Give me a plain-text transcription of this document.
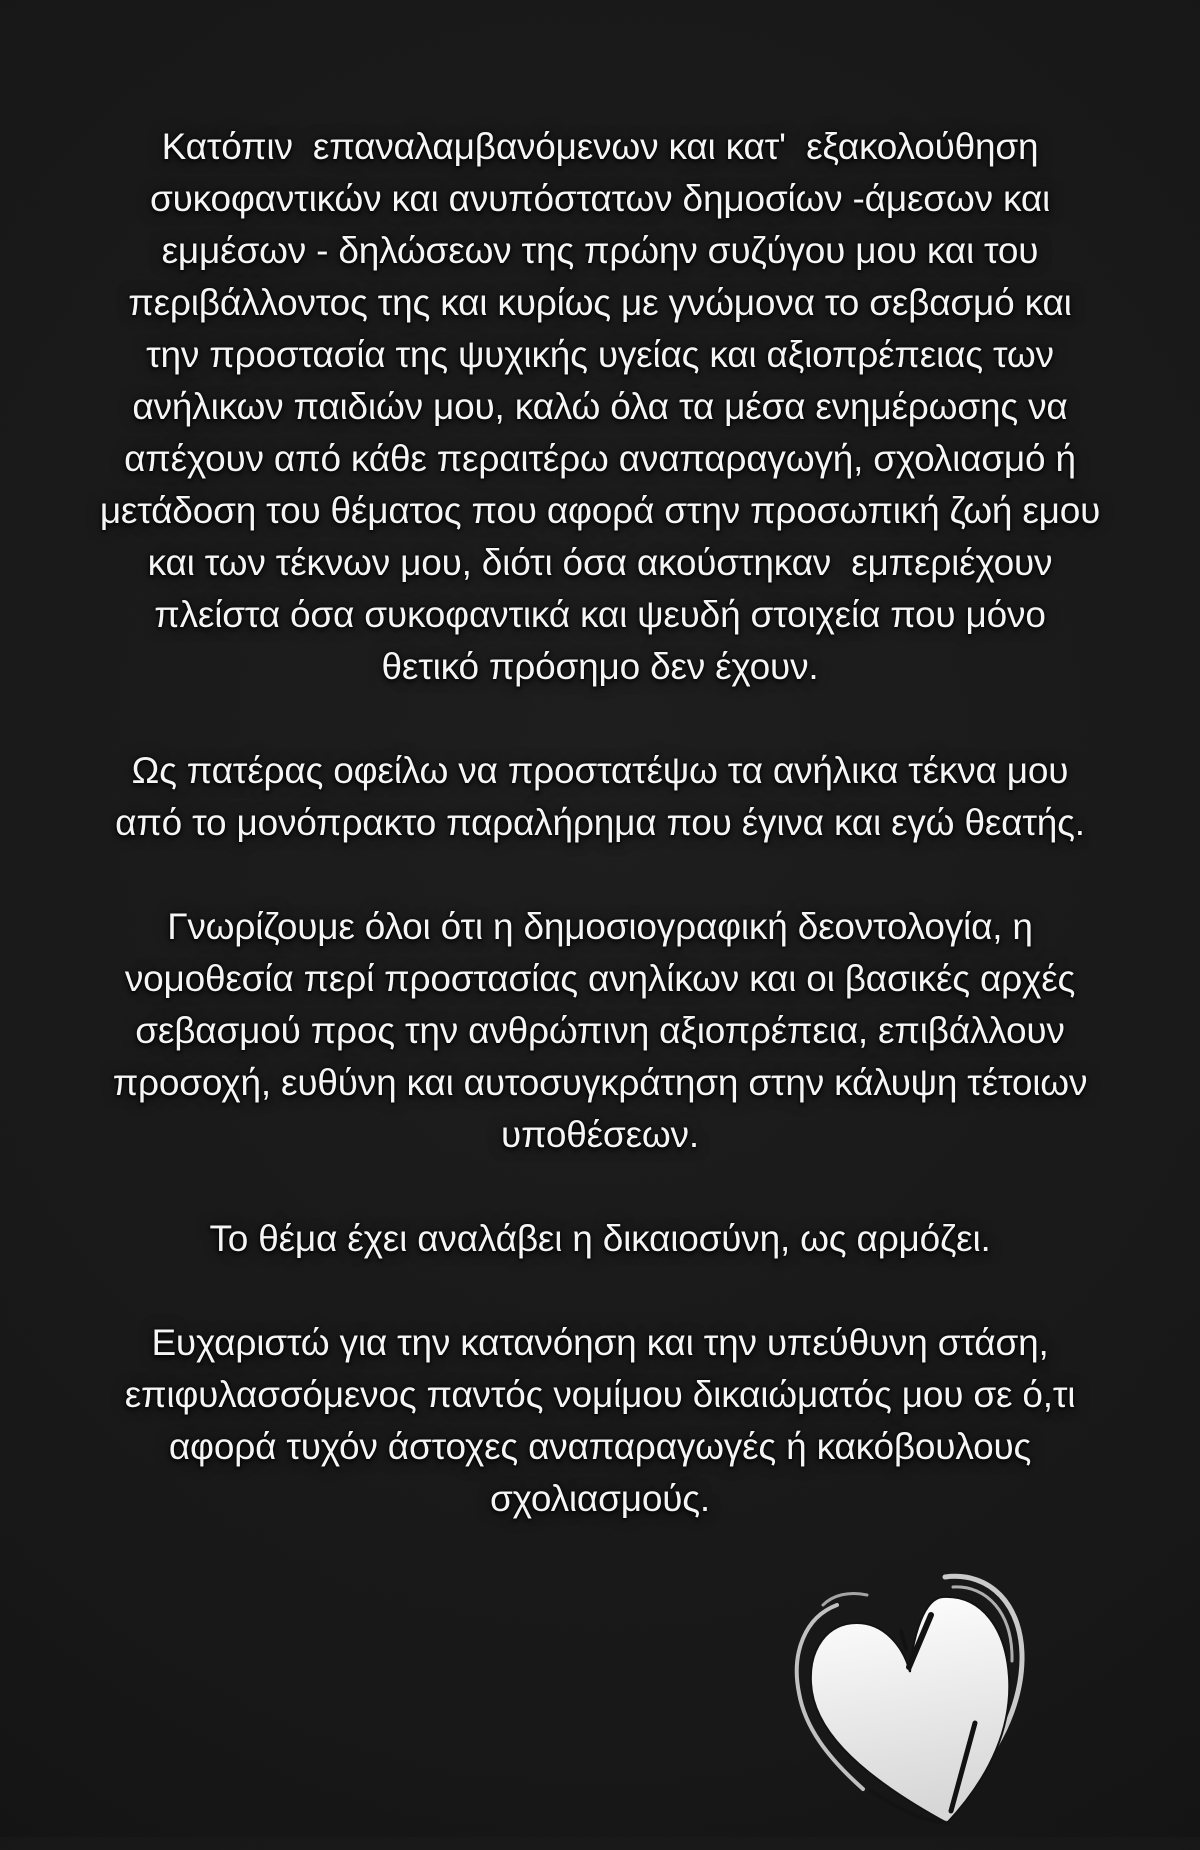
Κατόπιν  επαναλαμβανόμενων και κατ'  εξακολούθηση
συκοφαντικών και ανυπόστατων δημοσίων -άμεσων και
εμμέσων - δηλώσεων της πρώην συζύγου μου και του
περιβάλλοντος της και κυρίως με γνώμονα το σεβασμό και
την προστασία της ψυχικής υγείας και αξιοπρέπειας των
ανήλικων παιδιών μου, καλώ όλα τα μέσα ενημέρωσης να
απέχουν από κάθε περαιτέρω αναπαραγωγή, σχολιασμό ή
μετάδοση του θέματος που αφορά στην προσωπική ζωή εμου
και των τέκνων μου, διότι όσα ακούστηκαν  εμπεριέχουν
πλείστα όσα συκοφαντικά και ψευδή στοιχεία που μόνο
θετικό πρόσημο δεν έχουν.
Ως πατέρας οφείλω να προστατέψω τα ανήλικα τέκνα μου
από το μονόπρακτο παραλήρημα που έγινα και εγώ θεατής.
Γνωρίζουμε όλοι ότι η δημοσιογραφική δεοντολογία, η
νομοθεσία περί προστασίας ανηλίκων και οι βασικές αρχές
σεβασμού προς την ανθρώπινη αξιοπρέπεια, επιβάλλουν
προσοχή, ευθύνη και αυτοσυγκράτηση στην κάλυψη τέτοιων
υποθέσεων.
Το θέμα έχει αναλάβει η δικαιοσύνη, ως αρμόζει.
Ευχαριστώ για την κατανόηση και την υπεύθυνη στάση,
επιφυλασσόμενος παντός νομίμου δικαιώματός μου σε ό,τι
αφορά τυχόν άστοχες αναπαραγωγές ή κακόβουλους
σχολιασμούς.
